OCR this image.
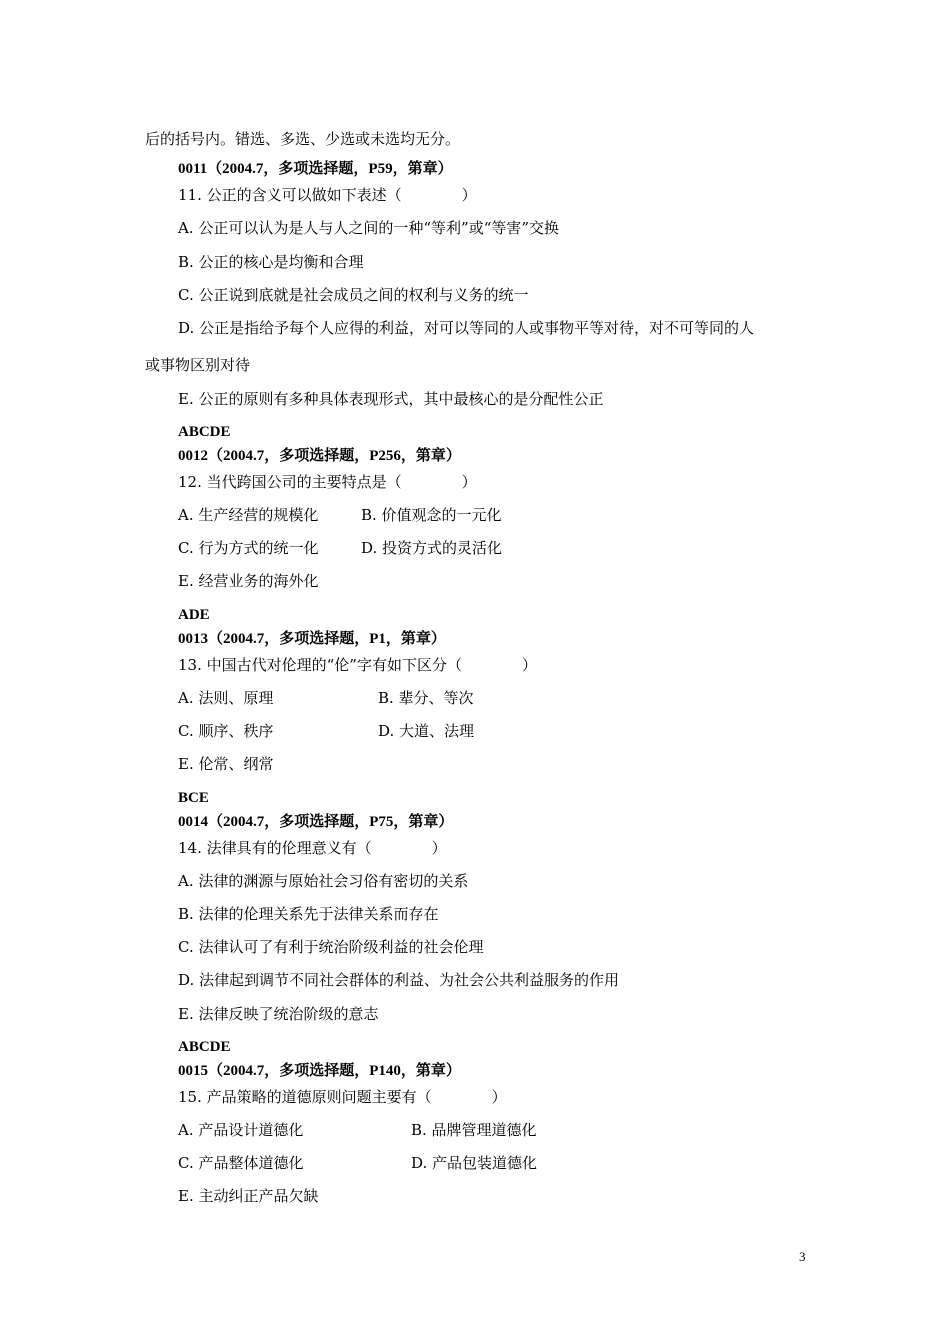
后的括号内。错选、多选、少选或未选均无分。
0011（2004.7，多项选择题，P59，第章）
11. 公正的含义可以做如下表述（　　　　）
A. 公正可以认为是人与人之间的一种“等利”或“等害”交换
B. 公正的核心是均衡和合理
C. 公正说到底就是社会成员之间的权利与义务的统一
D. 公正是指给予每个人应得的利益，对可以等同的人或事物平等对待，对不可等同的人
或事物区别对待
E. 公正的原则有多种具体表现形式，其中最核心的是分配性公正
ABCDE
0012（2004.7，多项选择题，P256，第章）
12. 当代跨国公司的主要特点是（　　　　）
A. 生产经营的规模化	B. 价值观念的一元化
C. 行为方式的统一化	D. 投资方式的灵活化
E. 经营业务的海外化
ADE
0013（2004.7，多项选择题，P1，第章）
13. 中国古代对伦理的“伦”字有如下区分（　　　　）
A. 法则、原理	B. 辈分、等次
C. 顺序、秩序	D. 大道、法理
E. 伦常、纲常
BCE
0014（2004.7，多项选择题，P75，第章）
14. 法律具有的伦理意义有（　　　　）
A. 法律的渊源与原始社会习俗有密切的关系
B. 法律的伦理关系先于法律关系而存在
C. 法律认可了有利于统治阶级利益的社会伦理
D. 法律起到调节不同社会群体的利益、为社会公共利益服务的作用
E. 法律反映了统治阶级的意志
ABCDE
0015（2004.7，多项选择题，P140，第章）
15. 产品策略的道德原则问题主要有（　　　　）
A. 产品设计道德化	B. 品牌管理道德化
C. 产品整体道德化	D. 产品包装道德化
E. 主动纠正产品欠缺
3
